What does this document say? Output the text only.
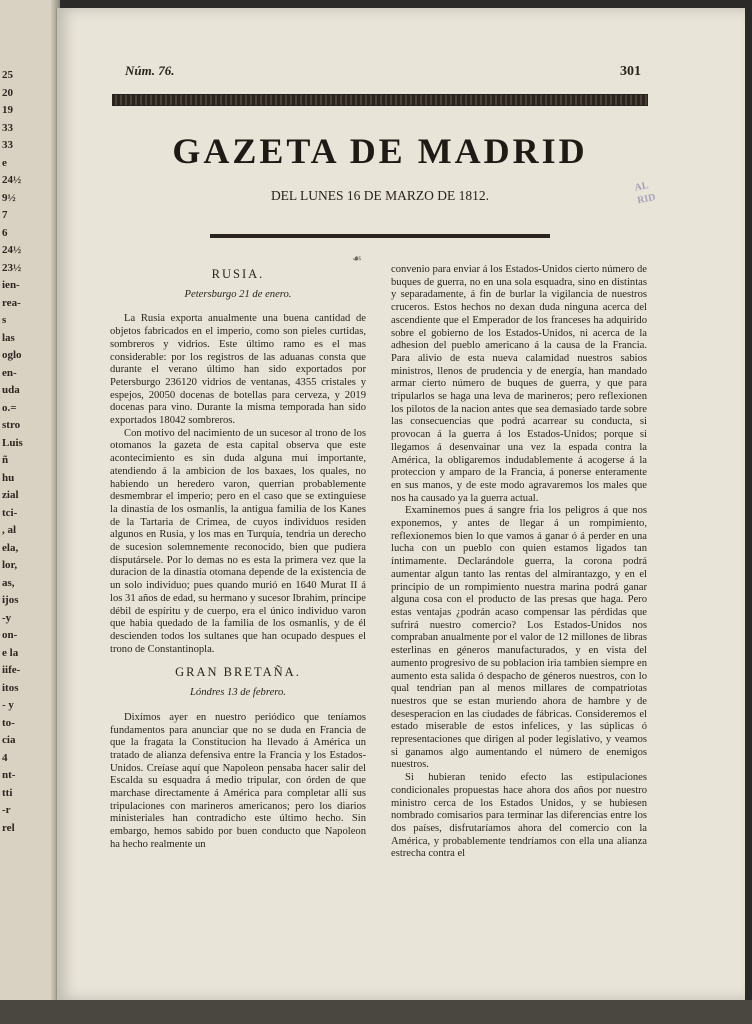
25
20
19
33
33
e
24½
9½
7
6
24½
23½
ien-
rea-
s
las
oglo
en-
uda
o.=
stro
Luis
ñ
hu
zial
tci-
, al
ela,
lor,
as,
ijos
-y
on-
e la
iife-
itos
- y
to-
cia
4
nt-
tti
-r
rel
Núm. 76.	301
GAZETA DE MADRID
DEL LUNES 16 DE MARZO DE 1812.
AL
RID
☙

RUSIA.

Petersburgo 21 de enero.

La Rusia exporta anualmente una buena cantidad de objetos fabricados en el imperio, como son pieles curtidas, sombreros y vidrios. Este último ramo es el mas considerable: por los registros de las aduanas consta que durante el verano último han sido exportados por Petersburgo 236120 vidrios de ventanas, 4355 cristales y espejos, 20050 docenas de botellas para cerveza, y 2019 docenas para vino. Durante la misma temporada han sido exportados 18042 sombreros.

Con motivo del nacimiento de un sucesor al trono de los otomanos la gazeta de esta capital observa que este acontecimiento es sin duda alguna mui importante, atendiendo á la ambicion de los baxaes, los quales, no habiendo un heredero varon, querrian probablemente desmembrar el imperio; pero en el caso que se extinguiese la dinastía de los osmanlis, la antigua familia de los Kanes de la Tartaria de Crimea, de cuyos individuos residen algunos en Rusia, y los mas en Turquía, tendria un derecho de sucesion solemnemente reconocido, bien que pudiera disputársele. Por lo demas no es esta la primera vez que la duracion de la dinastía otomana depende de la existencia de un solo individuo; pues quando murió en 1640 Murat II á los 31 años de edad, su hermano y sucesor Ibrahim, príncipe débil de espíritu y de cuerpo, era el único individuo varon que habia quedado de la familia de los osmanlis, y de él descienden todos los sultanes que han ocupado despues el trono de Constantinopla.

GRAN BRETAÑA.

Lóndres 13 de febrero.

Dixímos ayer en nuestro periódico que teníamos fundamentos para anunciar que no se duda en Francia de que la fragata la Constitucion ha llevado á América un tratado de alianza defensiva entre la Francia y los Estados-Unidos. Creíase aquí que Napoleon pensaba hacer salir del Escalda su esquadra á medio tripular, con órden de que marchase directamente á América para completar allí sus tripulaciones con marineros americanos; pero los diarios ministeriales han contradicho este último hecho. Sin embargo, hemos sabido por buen conducto que Napoleon ha hecho realmente un

convenio para enviar á los Estados-Unidos cierto número de buques de guerra, no en una sola esquadra, sino en distintas y separadamente, á fin de burlar la vigilancia de nuestros cruceros. Estos hechos no dexan duda ninguna acerca del ascendiente que el Emperador de los franceses ha adquirido sobre el gobierno de los Estados-Unidos, ni acerca de la adhesion del pueblo americano á la causa de la Francia. Para alivio de esta nueva calamidad nuestros sabios ministros, llenos de prudencia y de energía, han mandado armar cierto número de buques de guerra, y que para tripularlos se haga una leva de marineros; pero reflexionen los pilotos de la nacion antes que sea demasiado tarde sobre las consecuencias que podrá acarrear su conducta, si provocan á la guerra á los Estados-Unidos; porque si llegamos á desenvainar una vez la espada contra la América, la obligaremos indudablemente á acogerse á la proteccion y amparo de la Francia, á ponerse enteramente en sus manos, y de este modo agravaremos los males que nos ha causado ya la guerra actual.

Examinemos pues á sangre fria los peligros á que nos exponemos, y antes de llegar á un rompimiento, reflexionemos bien lo que vamos á ganar ó á perder en una lucha con un pueblo con quien estamos ligados tan íntimamente. Declarándole guerra, la corona podrá aumentar algun tanto las rentas del almirantazgo, y en el principio de un rompimiento nuestra marina podrá ganar alguna cosa con el producto de las presas que haga. Pero estas ventajas ¿podrán acaso compensar las pérdidas que sufrirá nuestro comercio? Los Estados-Unidos nos compraban anualmente por el valor de 12 millones de libras esterlinas en géneros manufacturados, y en vista del aumento progresivo de su poblacion iria tambien siempre en aumento esta salida ó despacho de géneros nuestros, con lo qual tendrian pan al menos millares de compatriotas nuestros que se estan muriendo ahora de hambre y de desesperacion en las ciudades de fábricas. Consideremos el estado miserable de estos infelices, y las súplicas ó representaciones que dirigen al poder legislativo, y veamos si ganamos algo aumentando el número de enemigos nuestros.

Si hubieran tenido efecto las estipulaciones condicionales propuestas hace ahora dos años por nuestro ministro cerca de los Estados Unidos, y se hubiesen nombrado comisarios para terminar las diferencias entre los dos países, disfrutaríamos ahora del comercio con la América, y probablemente tendríamos con ella una alianza estrecha contra el
